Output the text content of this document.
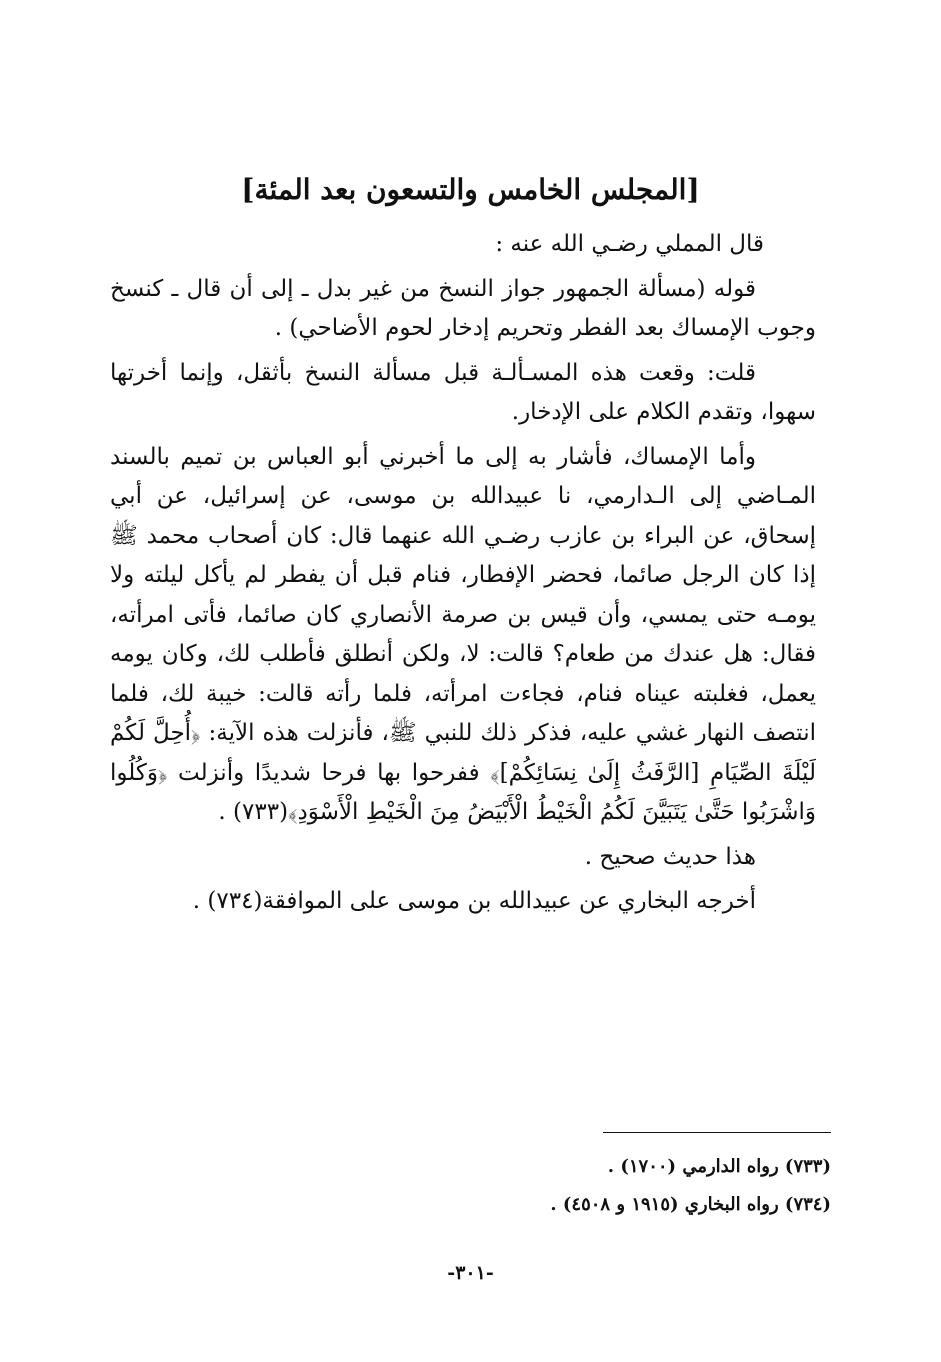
[المجلس الخامس والتسعون بعد المئة]

قال المملي رضـي الله عنه :

قوله (مسألة الجمهور جواز النسخ من غير بدل ـ إلى أن قال ـ كنسخ وجوب الإمساك بعد الفطر وتحريم إدخار لحوم الأضاحي) .

قلت: وقعت هذه المسـألـة قبل مسألة النسخ بأثقل، وإنما أخرتها سهوا، وتقدم الكلام على الإدخار.

وأما الإمساك، فأشار به إلى ما أخبرني أبو العباس بن تميم بالسند المـاضي إلى الـدارمي، نا عبيدالله بن موسى، عن إسرائيل، عن أبي إسحاق، عن البراء بن عازب رضـي الله عنهما قال: كان أصحاب محمد ﷺ إذا كان الرجل صائما، فحضر الإفطار، فنام قبل أن يفطر لم يأكل ليلته ولا يومـه حتى يمسي، وأن قيس بن صرمة الأنصاري كان صائما، فأتى امرأته، فقال: هل عندك من طعام؟ قالت: لا، ولكن أنطلق فأطلب لك، وكان يومه يعمل، فغلبته عيناه فنام، فجاءت امرأته، فلما رأته قالت: خيبة لك، فلما انتصف النهار غشي عليه، فذكر ذلك للنبي ﷺ، فأنزلت هذه الآية: ﴿أُحِلَّ لَكُمْ لَيْلَةَ الصِّيَامِ [الرَّفَثُ إِلَىٰ نِسَائِكُمْ]﴾ ففرحوا بها فرحا شديدًا وأنزلت ﴿وَكُلُوا وَاشْرَبُوا حَتَّىٰ يَتَبَيَّنَ لَكُمُ الْخَيْطُ الْأَبْيَضُ مِنَ الْخَيْطِ الْأَسْوَدِ﴾(٧٣٣) .

هذا حديث صحيح .

أخرجه البخاري عن عبيدالله بن موسى على الموافقة(٧٣٤) .

(٧٣٣) رواه الدارمي (١٧٠٠) .

(٧٣٤) رواه البخاري (١٩١٥ و ٤٥٠٨) .

-٣٠١-
